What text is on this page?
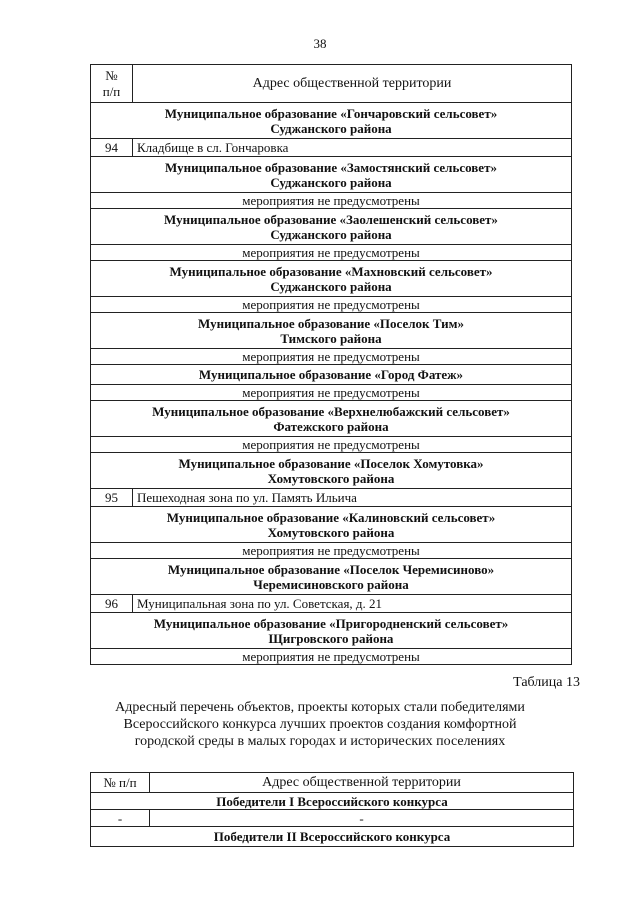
38
№
п/п	Адрес общественной территории

Муниципальное образование «Гончаровский сельсовет»
Суджанского района	

94	Кладбище в сл. Гончаровка

Муниципальное образование «Замостянский сельсовет»
Суджанского района	

мероприятия не предусмотрены	

Муниципальное образование «Заолешенский сельсовет»
Суджанского района	

мероприятия не предусмотрены	

Муниципальное образование «Махновский сельсовет»
Суджанского района	

мероприятия не предусмотрены	

Муниципальное образование «Поселок Тим»
Тимского района	

мероприятия не предусмотрены	

Муниципальное образование «Город Фатеж»	

мероприятия не предусмотрены	

Муниципальное образование «Верхнелюбажский сельсовет»
Фатежского района	

мероприятия не предусмотрены	

Муниципальное образование «Поселок Хомутовка»
Хомутовского района	

95	Пешеходная зона по ул. Память Ильича

Муниципальное образование «Калиновский сельсовет»
Хомутовского района	

мероприятия не предусмотрены	

Муниципальное образование «Поселок Черемисиново»
Черемисиновского района	

96	Муниципальная зона по ул. Советская, д. 21

Муниципальное образование «Пригородненский сельсовет»
Щигровского района	

мероприятия не предусмотрены	
Таблица 13
Адресный перечень объектов, проекты которых стали победителями
Всероссийского конкурса лучших проектов создания комфортной
городской среды в малых городах и исторических поселениях
№ п/п	Адрес общественной территории
Победители I Всероссийского конкурса	
-	-
Победители II Всероссийского конкурса	
